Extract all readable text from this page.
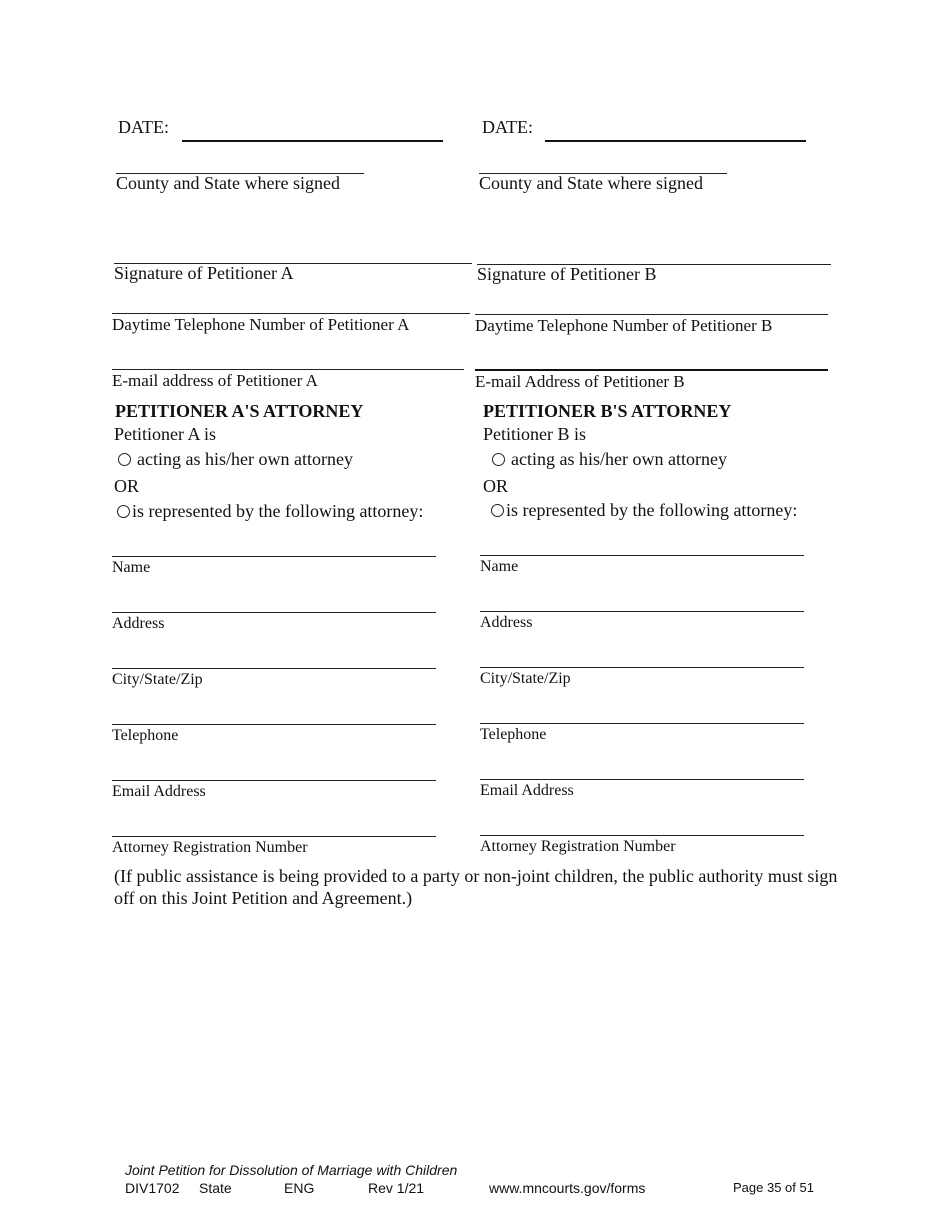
DATE:
County and State where signed
Signature of Petitioner A
Daytime Telephone Number of Petitioner A
E-mail address of Petitioner A
PETITIONER A'S ATTORNEY
Petitioner A is
acting as his/her own attorney
OR
is represented by the following attorney:
Name
Address
City/State/Zip
Telephone
Email Address
Attorney Registration Number
DATE:
County and State where signed
Signature of Petitioner B
Daytime Telephone Number of Petitioner B
E-mail Address of Petitioner B
PETITIONER B'S ATTORNEY
Petitioner B is
acting as his/her own attorney
OR
is represented by the following attorney:
Name
Address
City/State/Zip
Telephone
Email Address
Attorney Registration Number
(If public assistance is being provided to a party or non-joint children, the public authority must sign off on this Joint Petition and Agreement.)
Joint Petition for Dissolution of Marriage with Children
DIV1702 State	ENG	Rev 1/21	www.mncourts.gov/forms	Page 35 of 51
